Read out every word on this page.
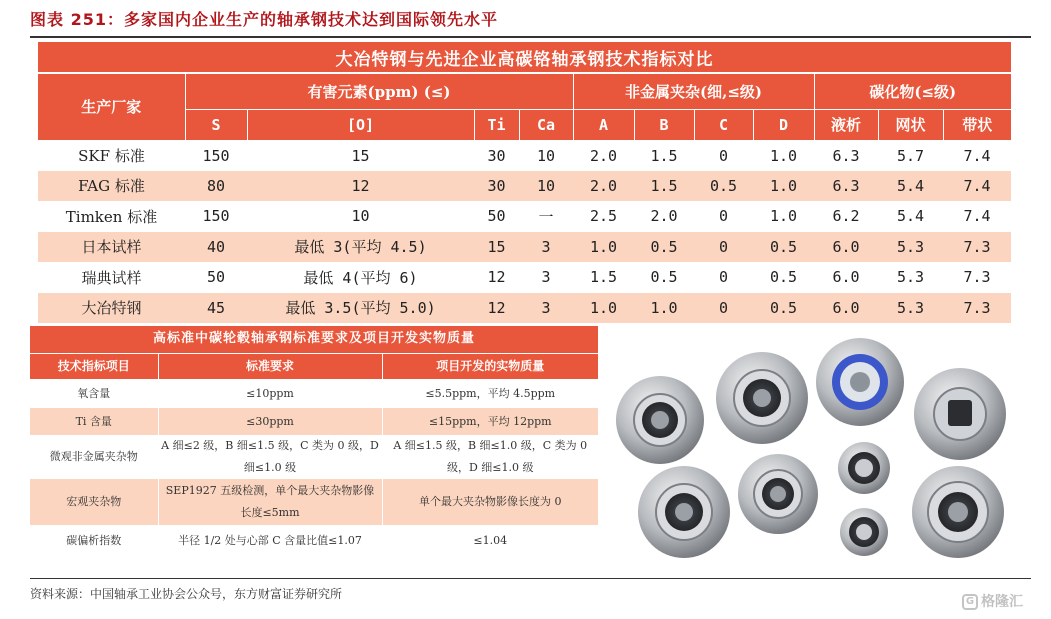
图表 251：多家国内企业生产的轴承钢技术达到国际领先水平
大冶特钢与先进企业高碳铬轴承钢技术指标对比											
生产厂家	有害元素(ppm) (≤)				非金属夹杂(细,≤级)				碳化物(≤级)		
	S	[O]	Ti	Ca	A	B	C	D	液析	网状	带状
SKF 标准	150	15	30	10	2.0	1.5	0	1.0	6.3	5.7	7.4
FAG 标准	80	12	30	10	2.0	1.5	0.5	1.0	6.3	5.4	7.4
Timken 标准	150	10	50	一	2.5	2.0	0	1.0	6.2	5.4	7.4
日本试样	40	最低 3(平均 4.5)	15	3	1.0	0.5	0	0.5	6.0	5.3	7.3
瑞典试样	50	最低 4(平均 6)	12	3	1.5	0.5	0	0.5	6.0	5.3	7.3
大冶特钢	45	最低 3.5(平均 5.0)	12	3	1.0	1.0	0	0.5	6.0	5.3	7.3
高标准中碳轮毂轴承钢标准要求及项目开发实物质量		
技术指标项目	标准要求	项目开发的实物质量
氧含量	≤10ppm	≤5.5ppm，平均 4.5ppm
Ti 含量	≤30ppm	≤15ppm，平均 12ppm
微观非金属夹杂物	A 细≤2 级，B 细≤1.5 级，C 类为 0 级，D 细≤1.0 级	A 细≤1.5 级，B 细≤1.0 级，C 类为 0 级，D 细≤1.0 级
宏观夹杂物	SEP1927 五级检测，单个最大夹杂物影像长度≤5mm	单个最大夹杂物影像长度为 0
碳偏析指数	半径 1/2 处与心部 C 含量比值≤1.07	≤1.04
资料来源：中国轴承工业协会公众号，东方财富证券研究所
G 格隆汇
